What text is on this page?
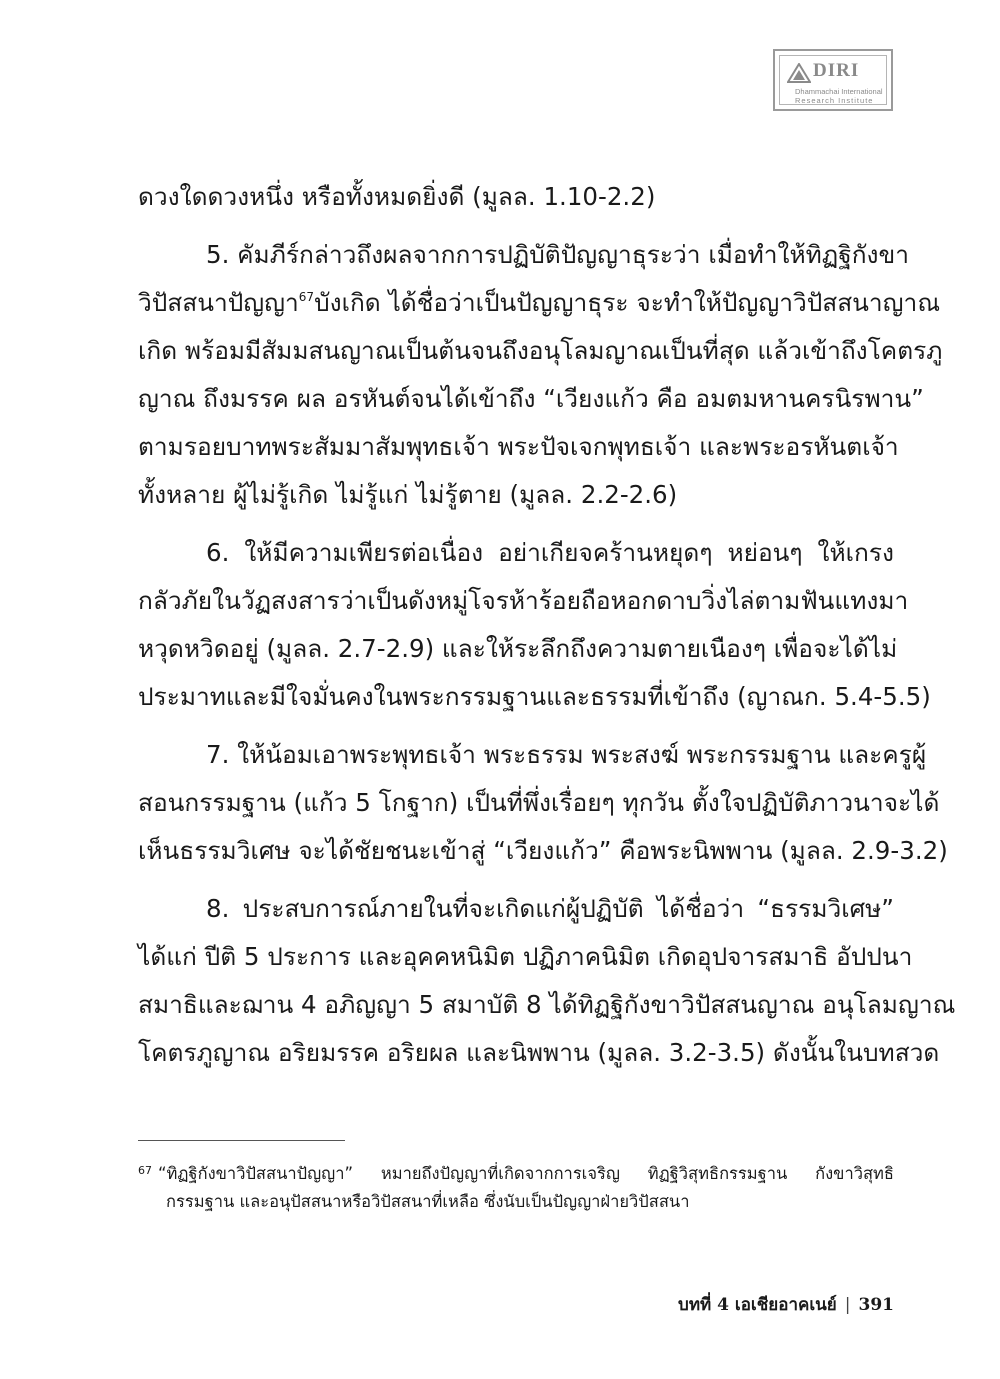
DIRI
Dhammachai International
Research Institute
ดวงใดดวงหนึ่ง หรือทั้งหมดยิ่งดี (มูลล. 1.10-2.2)
5. คัมภีร์กล่าวถึงผลจากการปฏิบัติปัญญาธุระว่า เมื่อทำให้ทิฏฐิกังขา
วิปัสสนาปัญญา$^{67}$บังเกิด ได้ชื่อว่าเป็นปัญญาธุระ จะทำให้ปัญญาวิปัสสนาญาณ
เกิด พร้อมมีสัมมสนญาณเป็นต้นจนถึงอนุโลมญาณเป็นที่สุด แล้วเข้าถึงโคตรภู
ญาณ ถึงมรรค ผล อรหันต์จนได้เข้าถึง “เวียงแก้ว คือ อมตมหานครนิรพาน”
ตามรอยบาทพระสัมมาสัมพุทธเจ้า พระปัจเจกพุทธเจ้า และพระอรหันตเจ้า
ทั้งหลาย ผู้ไม่รู้เกิด ไม่รู้แก่ ไม่รู้ตาย (มูลล. 2.2-2.6)
6. ให้มีความเพียรต่อเนื่อง อย่าเกียจคร้านหยุดๆ หย่อนๆ ให้เกรง
กลัวภัยในวัฏสงสารว่าเป็นดังหมู่โจรห้าร้อยถือหอกดาบวิ่งไล่ตามฟันแทงมา
หวุดหวิดอยู่ (มูลล. 2.7-2.9) และให้ระลึกถึงความตายเนืองๆ เพื่อจะได้ไม่
ประมาทและมีใจมั่นคงในพระกรรมฐานและธรรมที่เข้าถึง (ญาณก. 5.4-5.5)
7. ให้น้อมเอาพระพุทธเจ้า พระธรรม พระสงฆ์ พระกรรมฐาน และครูผู้
สอนกรรมฐาน (แก้ว 5 โกฐาก) เป็นที่พึ่งเรื่อยๆ ทุกวัน ตั้งใจปฏิบัติภาวนาจะได้
เห็นธรรมวิเศษ จะได้ชัยชนะเข้าสู่ “เวียงแก้ว” คือพระนิพพาน (มูลล. 2.9-3.2)
8. ประสบการณ์ภายในที่จะเกิดแก่ผู้ปฏิบัติ ได้ชื่อว่า “ธรรมวิเศษ”
ได้แก่ ปีติ 5 ประการ และอุคคหนิมิต ปฏิภาคนิมิต เกิดอุปจารสมาธิ อัปปนา
สมาธิและฌาน 4 อภิญญา 5 สมาบัติ 8 ได้ทิฏฐิกังขาวิปัสสนญาณ อนุโลมญาณ
โคตรภูญาณ อริยมรรค อริยผล และนิพพาน (มูลล. 3.2-3.5) ดังนั้นในบทสวด
$^{67}$ “ทิฏฐิกังขาวิปัสสนาปัญญา” หมายถึงปัญญาที่เกิดจากการเจริญ ทิฏฐิวิสุทธิกรรมฐาน กังขาวิสุทธิ
กรรมฐาน และอนุปัสสนาหรือวิปัสสนาที่เหลือ ซึ่งนับเป็นปัญญาฝ่ายวิปัสสนา
บทที่ 4 เอเชียอาคเนย์ | 391
